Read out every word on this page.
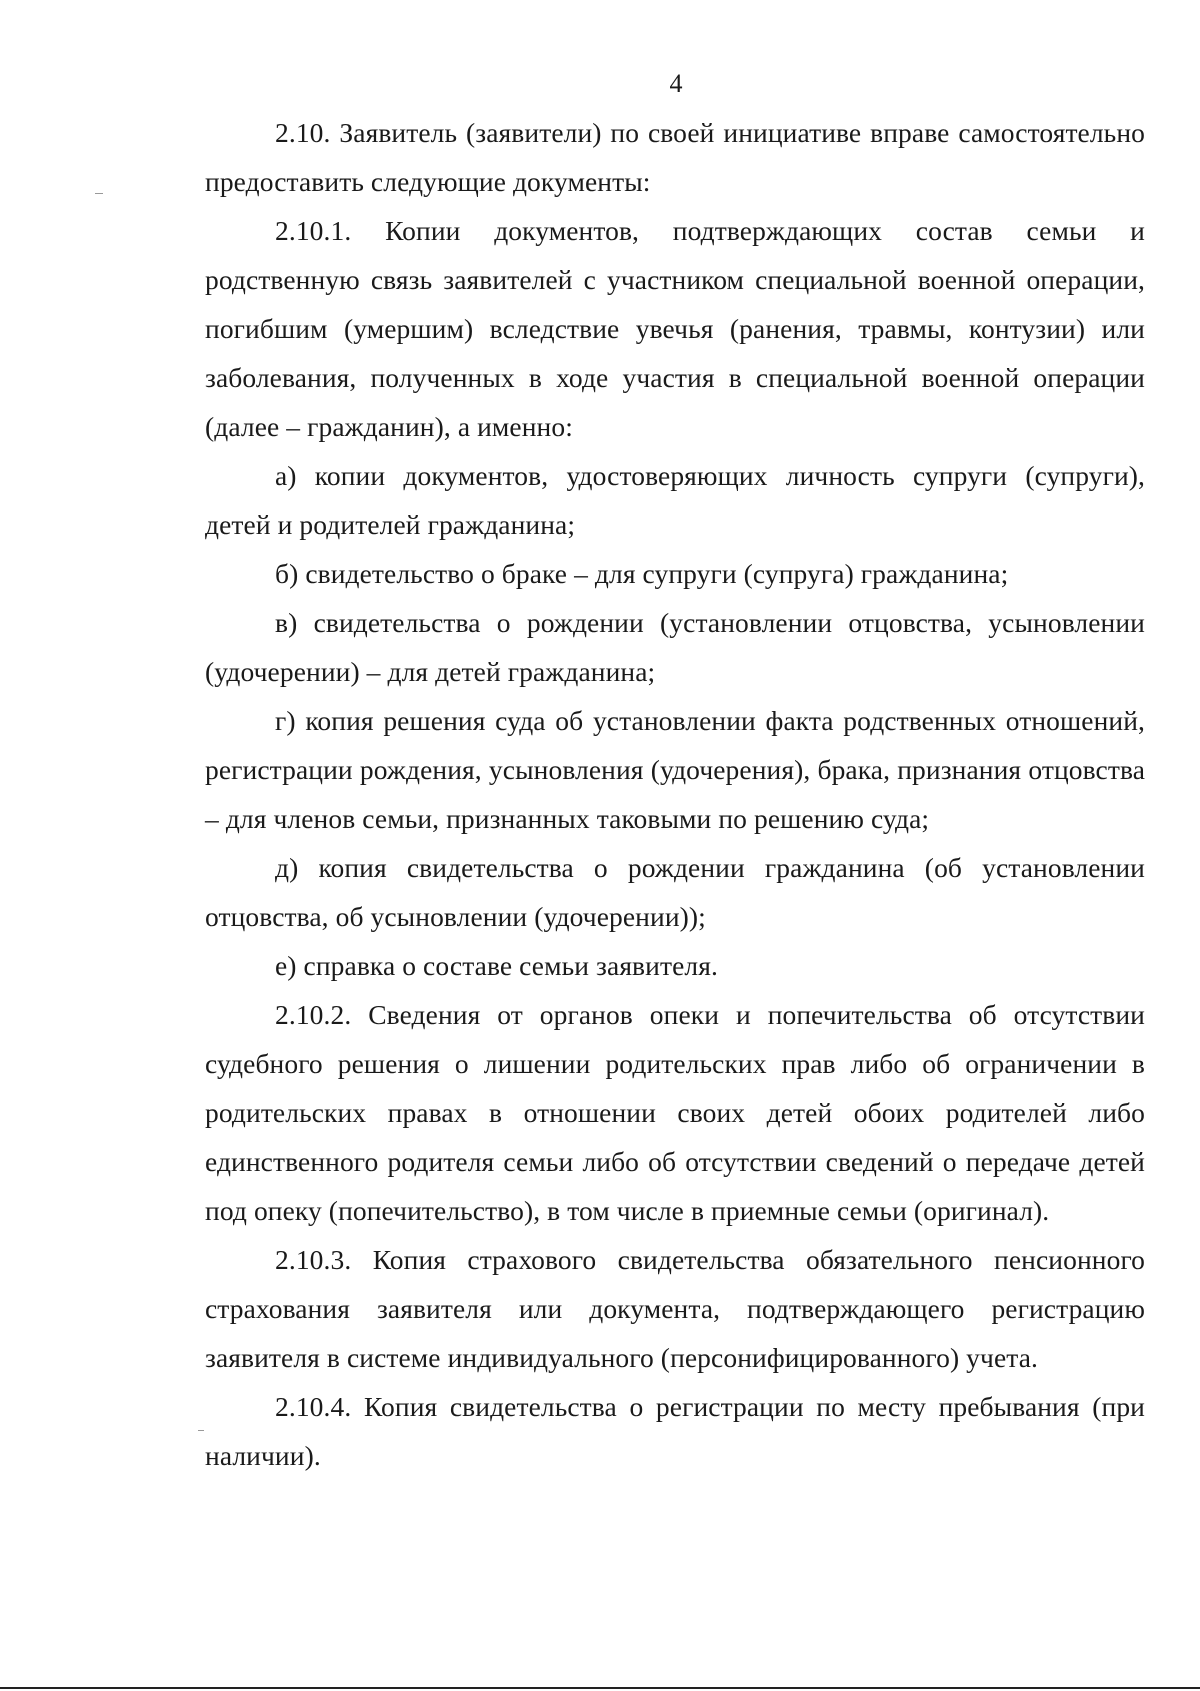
4

2.10. Заявитель (заявители) по своей инициативе вправе самостоятельно предоставить следующие документы:

2.10.1. Копии документов, подтверждающих состав семьи и родственную связь заявителей с участником специальной военной операции, погибшим (умершим) вследствие увечья (ранения, травмы, контузии) или заболевания, полученных в ходе участия в специальной военной операции (далее – гражданин), а именно:

а) копии документов, удостоверяющих личность супруги (супруги), детей и родителей гражданина;

б) свидетельство о браке – для супруги (супруга) гражданина;

в) свидетельства о рождении (установлении отцовства, усыновлении (удочерении) – для детей гражданина;

г) копия решения суда об установлении факта родственных отношений, регистрации рождения, усыновления (удочерения), брака, признания отцовства – для членов семьи, признанных таковыми по решению суда;

д) копия свидетельства о рождении гражданина (об установлении отцовства, об усыновлении (удочерении));

е) справка о составе семьи заявителя.

2.10.2. Сведения от органов опеки и попечительства об отсутствии судебного решения о лишении родительских прав либо об ограничении в родительских правах в отношении своих детей обоих родителей либо единственного родителя семьи либо об отсутствии сведений о передаче детей под опеку (попечительство), в том числе в приемные семьи (оригинал).

2.10.3. Копия страхового свидетельства обязательного пенсионного страхования заявителя или документа, подтверждающего регистрацию заявителя в системе индивидуального (персонифицированного) учета.

2.10.4. Копия свидетельства о регистрации по месту пребывания (при наличии).
